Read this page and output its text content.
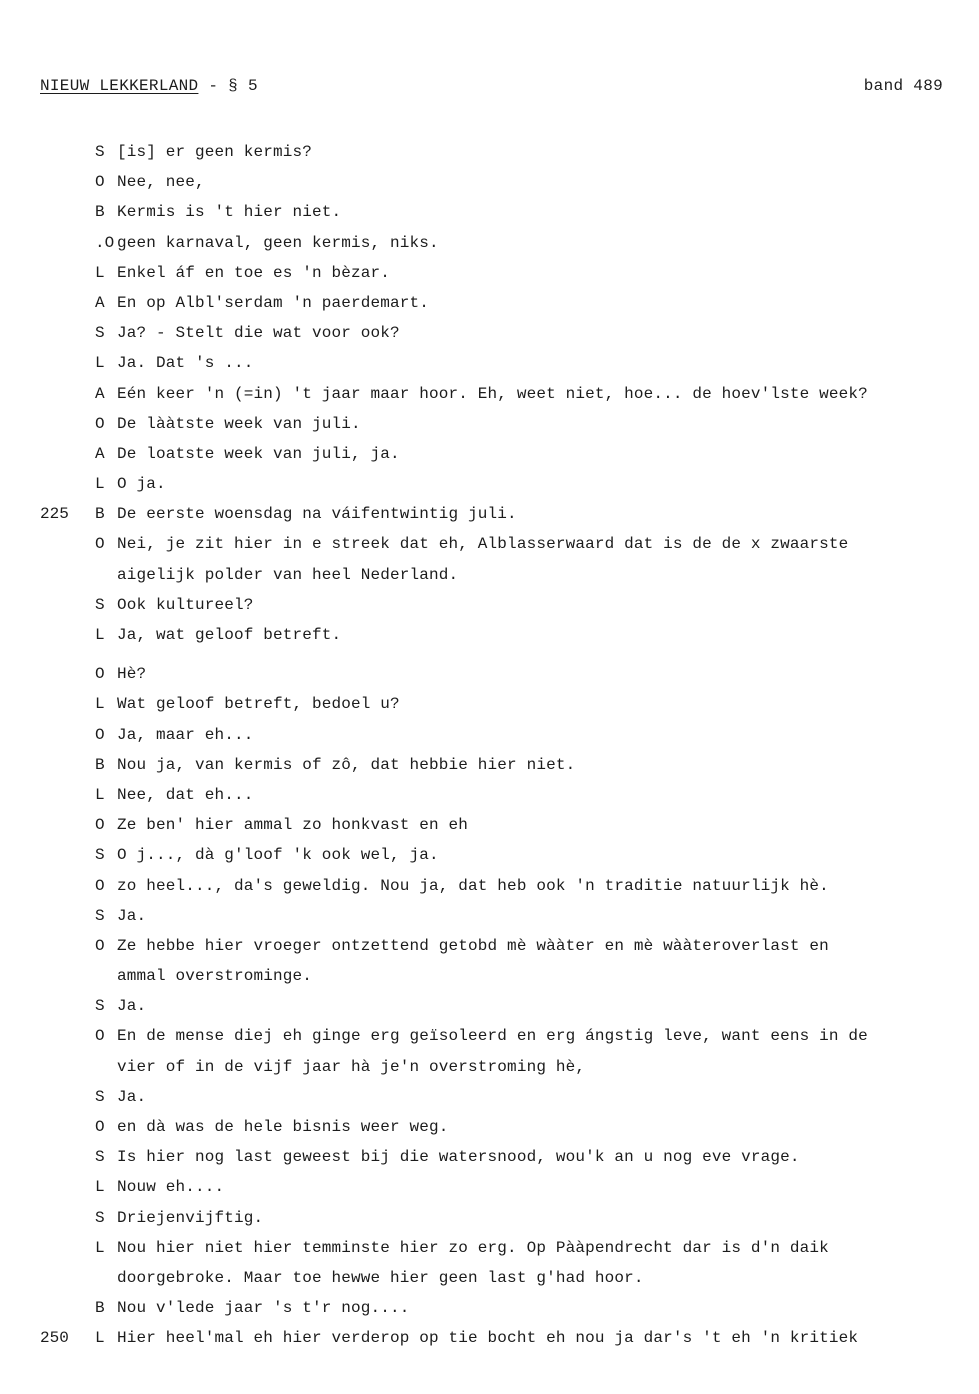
NIEUW LEKKERLAND - § 5	band 489
S [is] er geen kermis?
O Nee, nee,
B Kermis is 't hier niet.
.O geen karnaval, geen kermis, niks.
L Enkel áf en toe es 'n bèzar.
A En op Albl'serdam 'n paerdemart.
S Ja? - Stelt die wat voor ook?
L Ja. Dat 's ...
A Eén keer 'n (=in) 't jaar maar hoor. Eh, weet niet, hoe... de hoev'lste week?
O De lààtste week van juli.
A De loatste week van juli, ja.
L O ja.
225	B De eerste woensdag na váifentwintig juli.
O Nei, je zit hier in e streek dat eh, Alblasserwaard dat is de de x zwaarste
aigelijk polder van heel Nederland.
S Ook kultureel?
L Ja, wat geloof betreft.
O Hè?
L Wat geloof betreft, bedoel u?
O Ja, maar eh...
B Nou ja, van kermis of zô, dat hebbie hier niet.
L Nee, dat eh...
O Ze ben' hier ammal zo honkvast en eh
S O j..., dà g'loof 'k ook wel, ja.
O zo heel..., da's geweldig. Nou ja, dat heb ook 'n traditie natuurlijk hè.
S Ja.
O Ze hebbe hier vroeger ontzettend getobd mè wààter en mè wààteroverlast en
ammal overstrominge.
S Ja.
O En de mense diej eh ginge erg geïsoleerd en erg ángstig leve, want eens in de
vier of in de vijf jaar hà je'n overstroming hè,
S Ja.
O en dà was de hele bisnis weer weg.
S Is hier nog last geweest bij die watersnood, wou'k an u nog eve vrage.
L Nouw eh....
S Driejenvijftig.
L Nou hier niet hier temminste hier zo erg. Op Pààpendrecht dar is d'n daik
doorgebroke. Maar toe hewwe hier geen last g'had hoor.
B Nou v'lede jaar 's t'r nog....
250	L Hier heel'mal eh hier verderop op tie bocht eh nou ja dar's 't eh 'n kritiek
